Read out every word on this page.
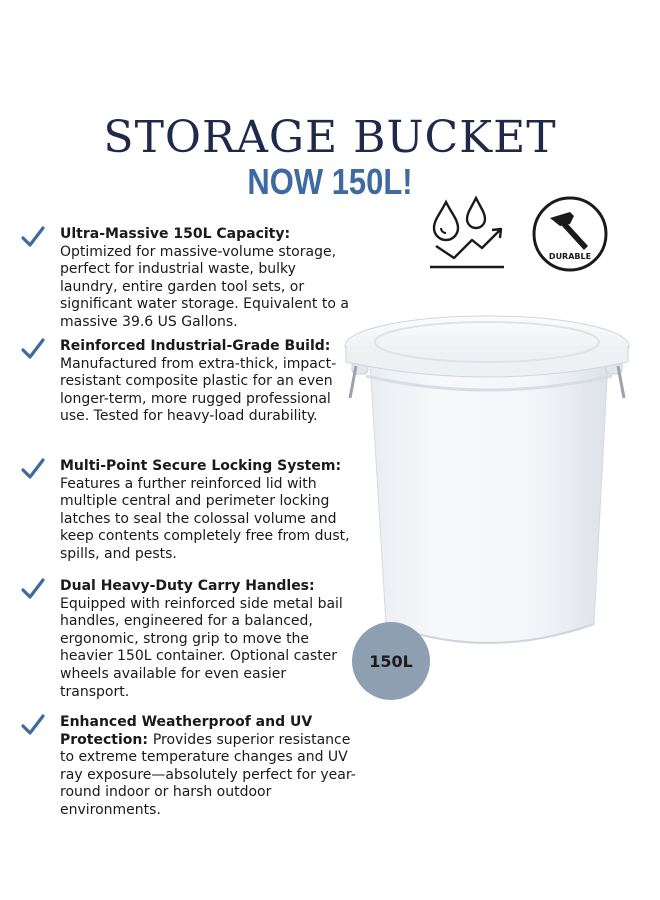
STORAGE BUCKET
NOW 150L!
Ultra-Massive 150L Capacity: Optimized for massive-volume storage, perfect for industrial waste, bulky laundry, entire garden tool sets, or significant water storage. Equivalent to a massive 39.6 US Gallons.
Reinforced Industrial-Grade Build: Manufactured from extra-thick, impact-resistant composite plastic for an even longer-term, more rugged professional use. Tested for heavy-load durability.
Multi-Point Secure Locking System: Features a further reinforced lid with multiple central and perimeter locking latches to seal the colossal volume and keep contents completely free from dust, spills, and pests.
Dual Heavy-Duty Carry Handles: Equipped with reinforced side metal bail handles, engineered for a balanced, ergonomic, strong grip to move the heavier 150L container. Optional caster wheels available for even easier transport.
Enhanced Weatherproof and UV Protection: Provides superior resistance to extreme temperature changes and UV ray exposure—absolutely perfect for year-round indoor or harsh outdoor environments.
DURABLE
150L
